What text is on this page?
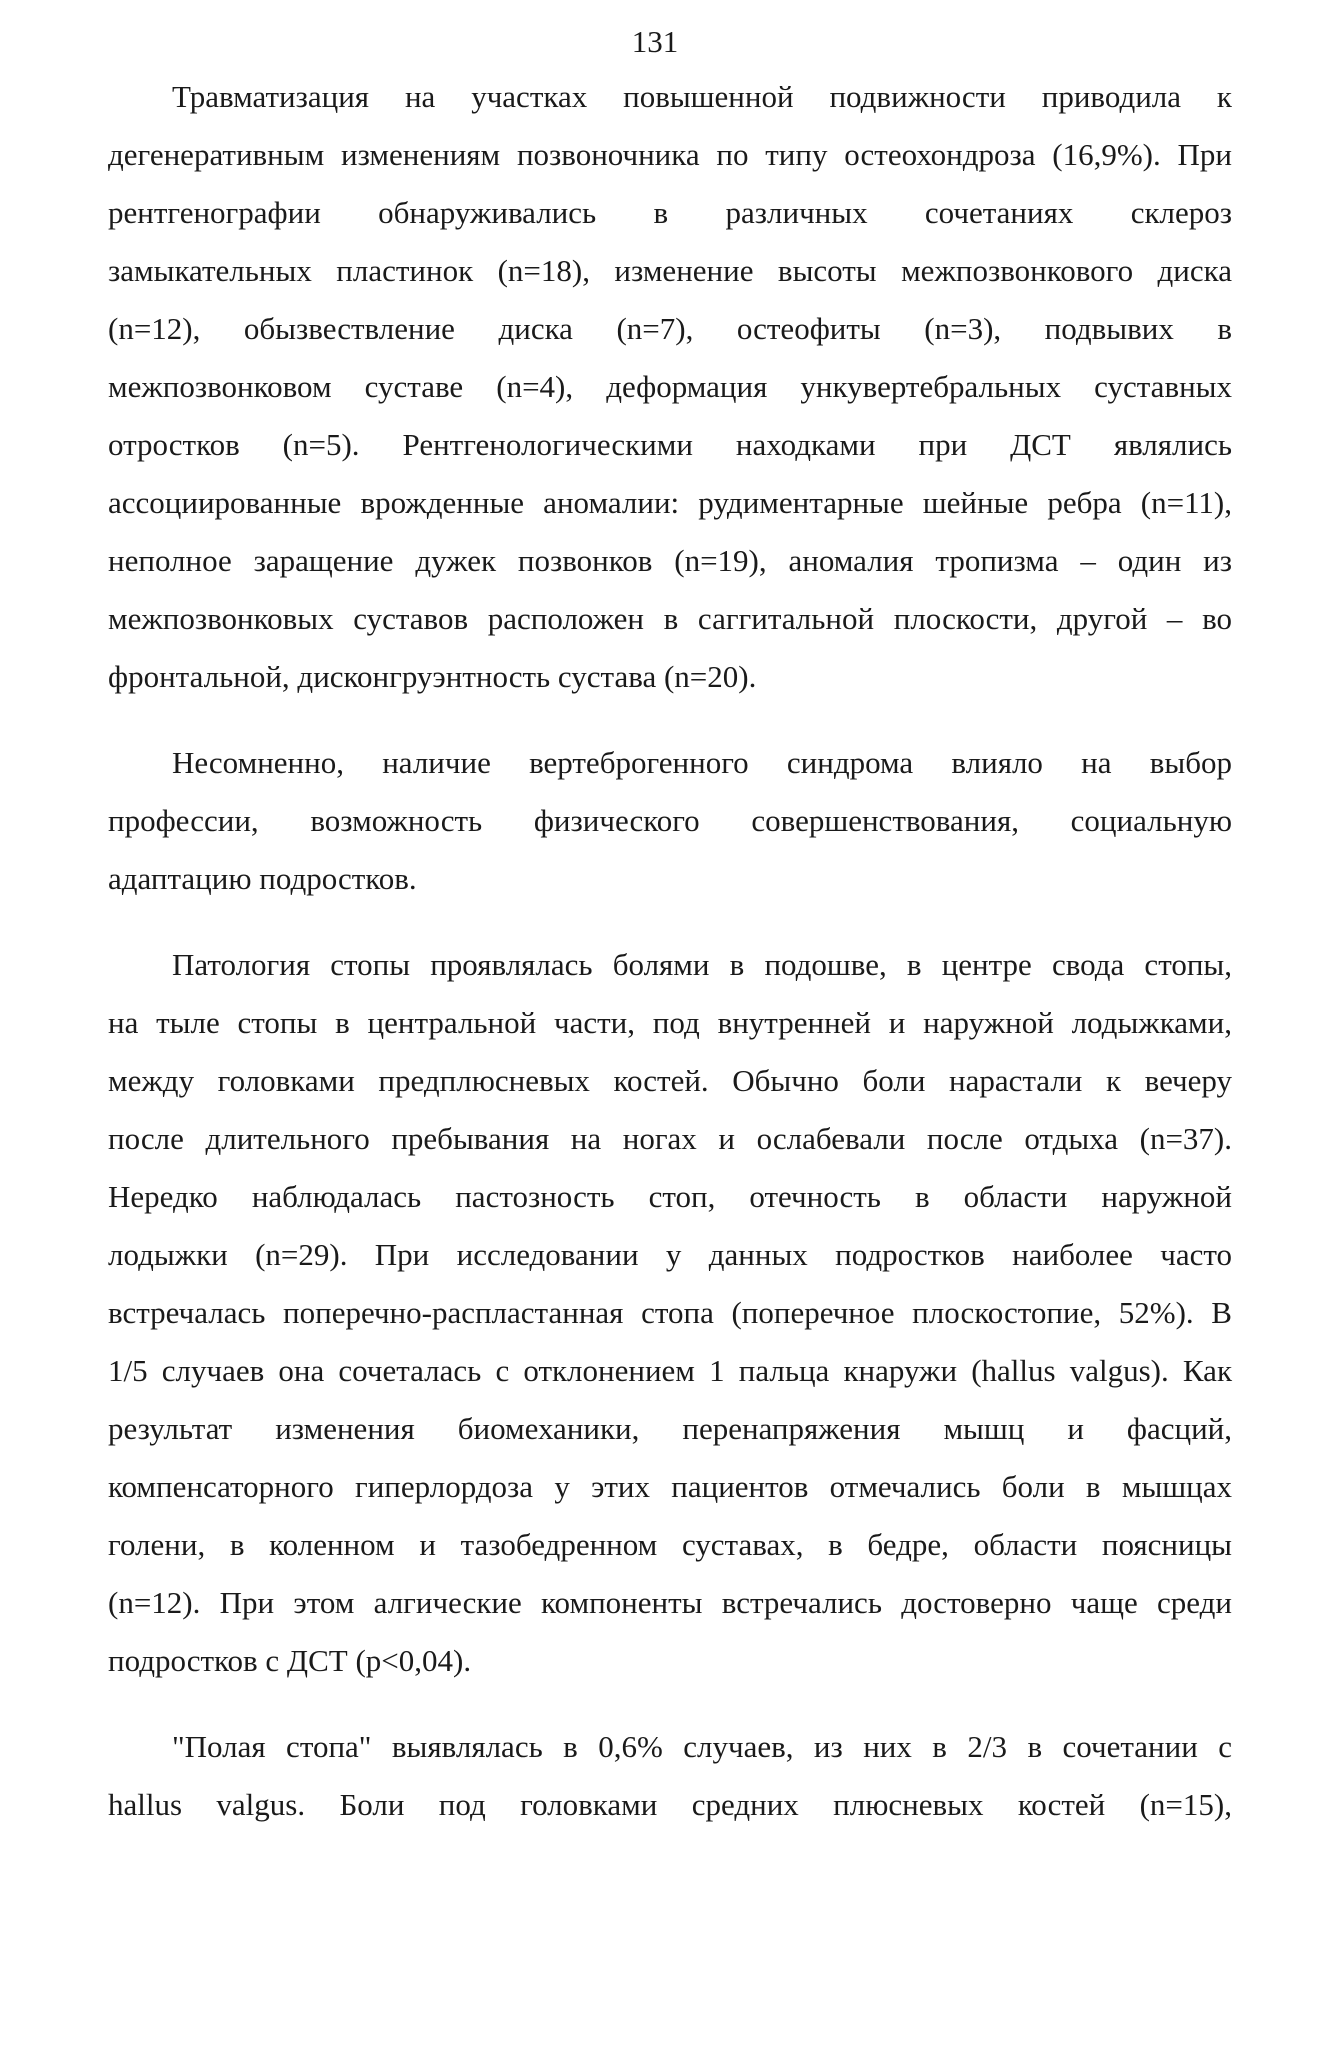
131

Травматизация на участках повышенной подвижности приводила к
дегенеративным изменениям позвоночника по типу остеохондроза (16,9%). При
рентгенографии обнаруживались в различных сочетаниях склероз
замыкательных пластинок (n=18), изменение высоты межпозвонкового диска
(n=12), обызвествление диска (n=7), остеофиты (n=3), подвывих в
межпозвонковом суставе (n=4), деформация ункувертебральных суставных
отростков (n=5). Рентгенологическими находками при ДСТ являлись
ассоциированные врожденные аномалии: рудиментарные шейные ребра (n=11),
неполное заращение дужек позвонков (n=19), аномалия тропизма – один из
межпозвонковых суставов расположен в саггитальной плоскости, другой – во
фронтальной, дисконгруэнтность сустава (n=20).

Несомненно, наличие вертеброгенного синдрома влияло на выбор
профессии, возможность физического совершенствования, социальную
адаптацию подростков.

Патология стопы проявлялась болями в подошве, в центре свода стопы,
на тыле стопы в центральной части, под внутренней и наружной лодыжками,
между головками предплюсневых костей. Обычно боли нарастали к вечеру
после длительного пребывания на ногах и ослабевали после отдыха (n=37).
Нередко наблюдалась пастозность стоп, отечность в области наружной
лодыжки (n=29). При исследовании у данных подростков наиболее часто
встречалась поперечно-распластанная стопа (поперечное плоскостопие, 52%). В
1/5 случаев она сочеталась с отклонением 1 пальца кнаружи (hallus valgus). Как
результат изменения биомеханики, перенапряжения мышц и фасций,
компенсаторного гиперлордоза у этих пациентов отмечались боли в мышцах
голени, в коленном и тазобедренном суставах, в бедре, области поясницы
(n=12). При этом алгические компоненты встречались достоверно чаще среди
подростков с ДСТ (p<0,04).

"Полая стопа" выявлялась в 0,6% случаев, из них в 2/3 в сочетании с
hallus valgus. Боли под головками средних плюсневых костей (n=15),
